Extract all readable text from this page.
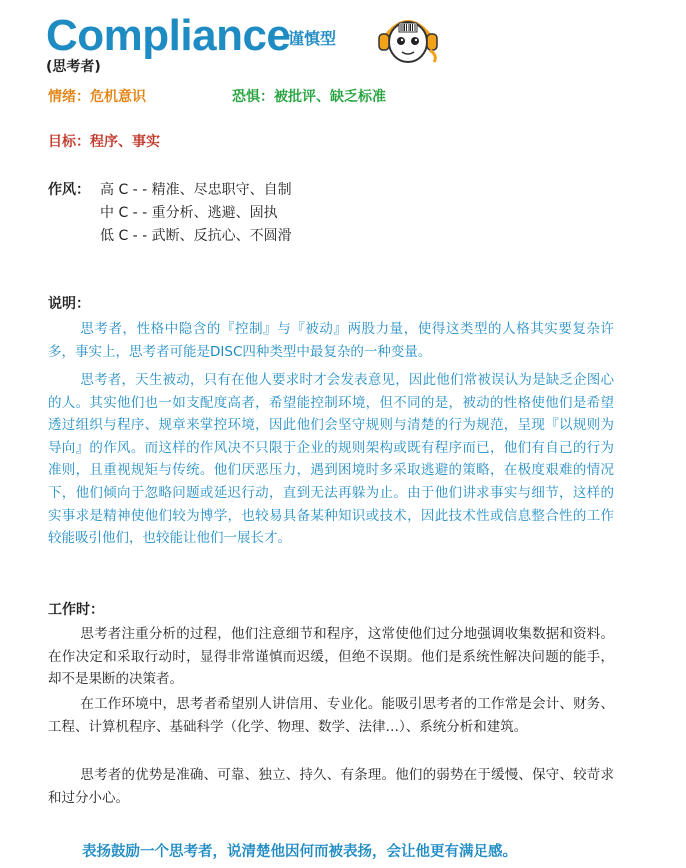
Compliance
谨慎型
(思考者)
情绪：危机意识	恐惧：被批评、缺乏标准
目标：程序、事实
作风： 高 C - - 精准、尽忠职守、自制
中 C - - 重分析、逃避、固执
低 C - - 武断、反抗心、不圆滑
说明：

思考者，性格中隐含的『控制』与『被动』两股力量，使得这类型的人格其实要复杂许多，事实上，思考者可能是DISC四种类型中最复杂的一种变量。

思考者，天生被动，只有在他人要求时才会发表意见，因此他们常被误认为是缺乏企图心的人。其实他们也一如支配度高者，希望能控制环境，但不同的是，被动的性格使他们是希望透过组织与程序、规章来掌控环境，因此他们会坚守规则与清楚的行为规范，呈现『以规则为导向』的作风。而这样的作风决不只限于企业的规则架构或既有程序而已，他们有自己的行为准则，且重视规矩与传统。他们厌恶压力，遇到困境时多采取逃避的策略，在极度艰难的情况下，他们倾向于忽略问题或延迟行动，直到无法再躲为止。由于他们讲求事实与细节，这样的实事求是精神使他们较为博学，也较易具备某种知识或技术，因此技术性或信息整合性的工作较能吸引他们，也较能让他们一展长才。

工作时：

思考者注重分析的过程，他们注意细节和程序，这常使他们过分地强调收集数据和资料。在作决定和采取行动时，显得非常谨慎而迟缓，但绝不误期。他们是系统性解决问题的能手，却不是果断的决策者。

在工作环境中，思考者希望别人讲信用、专业化。能吸引思考者的工作常是会计、财务、工程、计算机程序、基础科学（化学、物理、数学、法律…）、系统分析和建筑。

思考者的优势是准确、可靠、独立、持久、有条理。他们的弱势在于缓慢、保守、较苛求和过分小心。

表扬鼓励一个思考者，说清楚他因何而被表扬，会让他更有满足感。
